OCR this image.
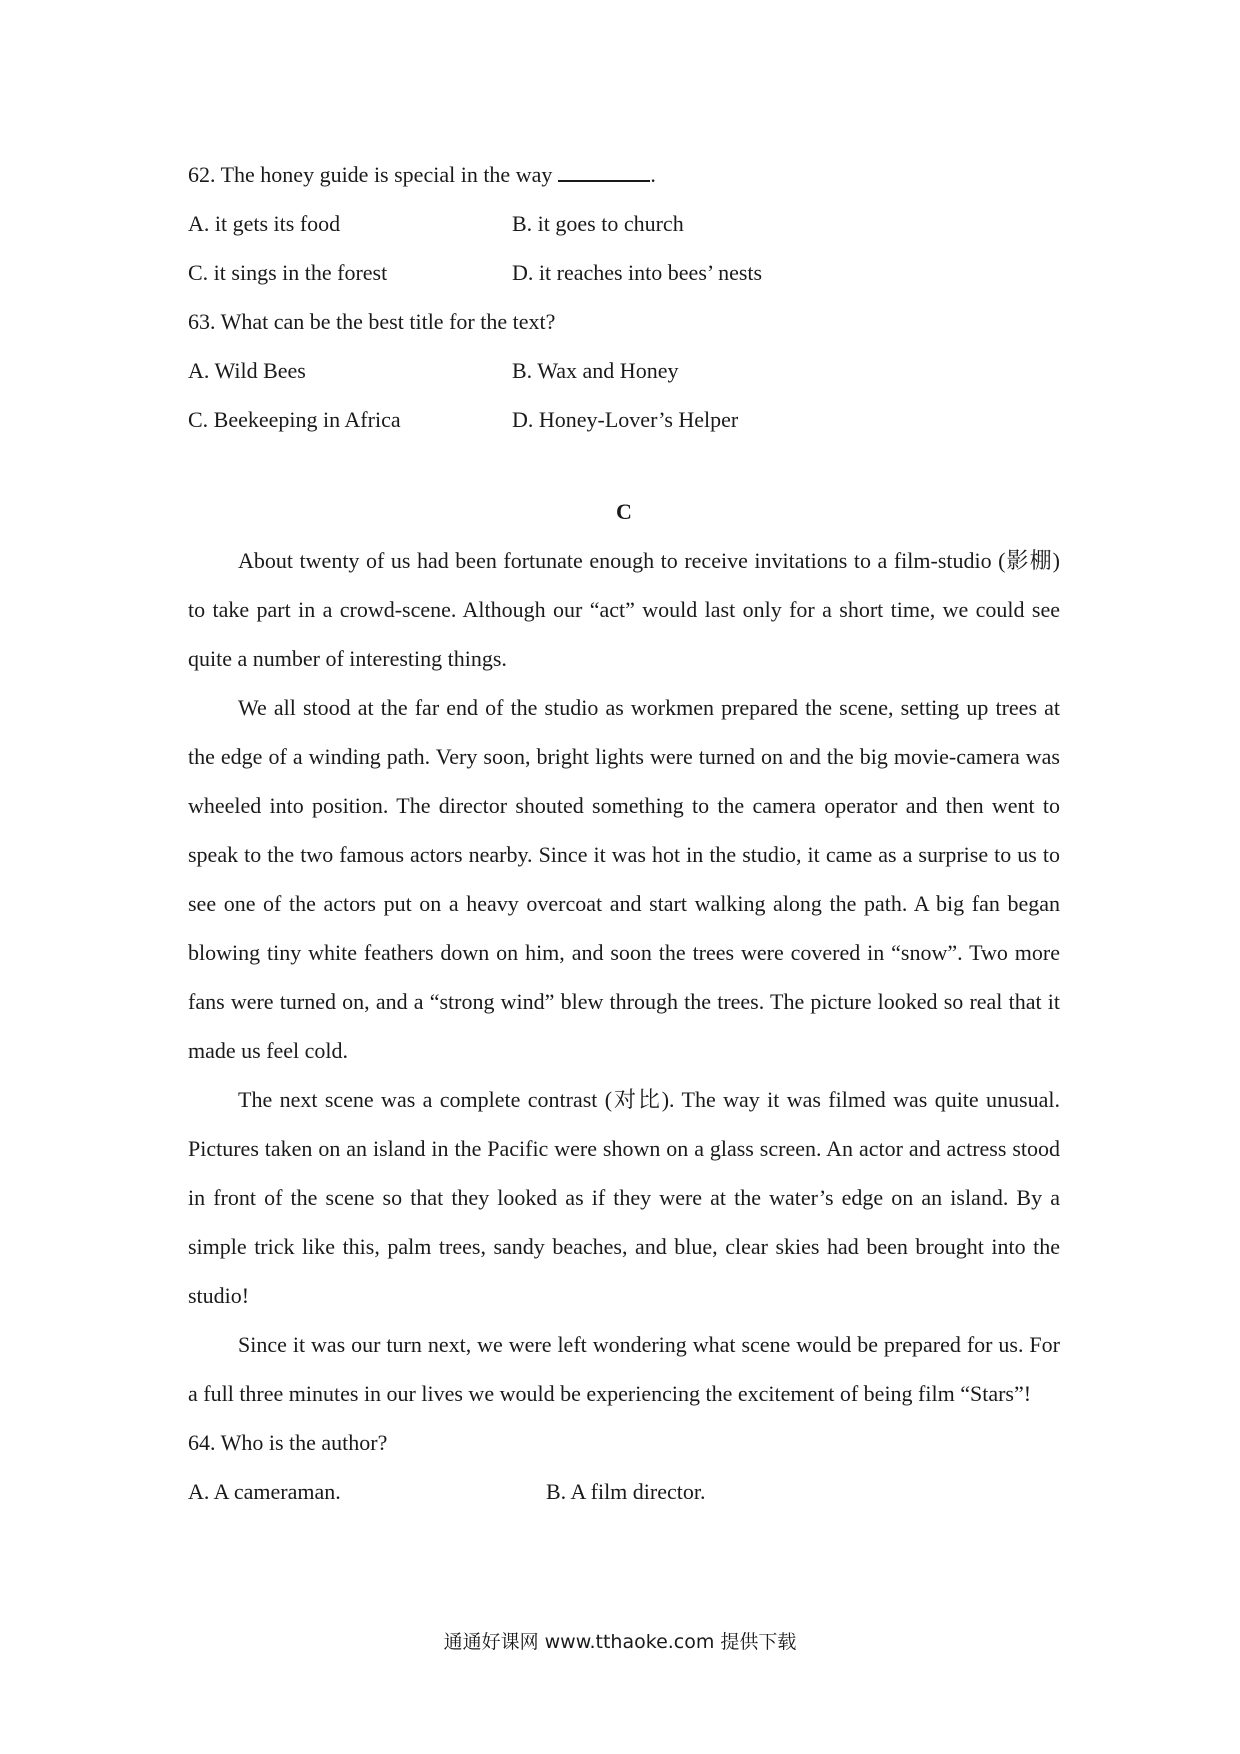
62. The honey guide is special in the way	.
A. it gets its food	B. it goes to church
C. it sings in the forest	D. it reaches into bees’ nests
63. What can be the best title for the text?
A. Wild Bees	B. Wax and Honey
C. Beekeeping in Africa	D. Honey-Lover’s Helper
C

About twenty of us had been fortunate enough to receive invitations to a film-studio (影棚) to take part in a crowd-scene. Although our “act” would last only for a short time, we could see quite a number of interesting things.

We all stood at the far end of the studio as workmen prepared the scene, setting up trees at the edge of a winding path. Very soon, bright lights were turned on and the big movie-camera was wheeled into position. The director shouted something to the camera operator and then went to speak to the two famous actors nearby. Since it was hot in the studio, it came as a surprise to us to see one of the actors put on a heavy overcoat and start walking along the path. A big fan began blowing tiny white feathers down on him, and soon the trees were covered in “snow”. Two more fans were turned on, and a “strong wind” blew through the trees. The picture looked so real that it made us feel cold.

The next scene was a complete contrast (对比). The way it was filmed was quite unusual. Pictures taken on an island in the Pacific were shown on a glass screen. An actor and actress stood in front of the scene so that they looked as if they were at the water’s edge on an island. By a simple trick like this, palm trees, sandy beaches, and blue, clear skies had been brought into the studio!

Since it was our turn next, we were left wondering what scene would be prepared for us. For a full three minutes in our lives we would be experiencing the excitement of being film “Stars”!

64. Who is the author?
A. A cameraman.	B. A film director.
通通好课网 www.tthaoke.com 提供下载
